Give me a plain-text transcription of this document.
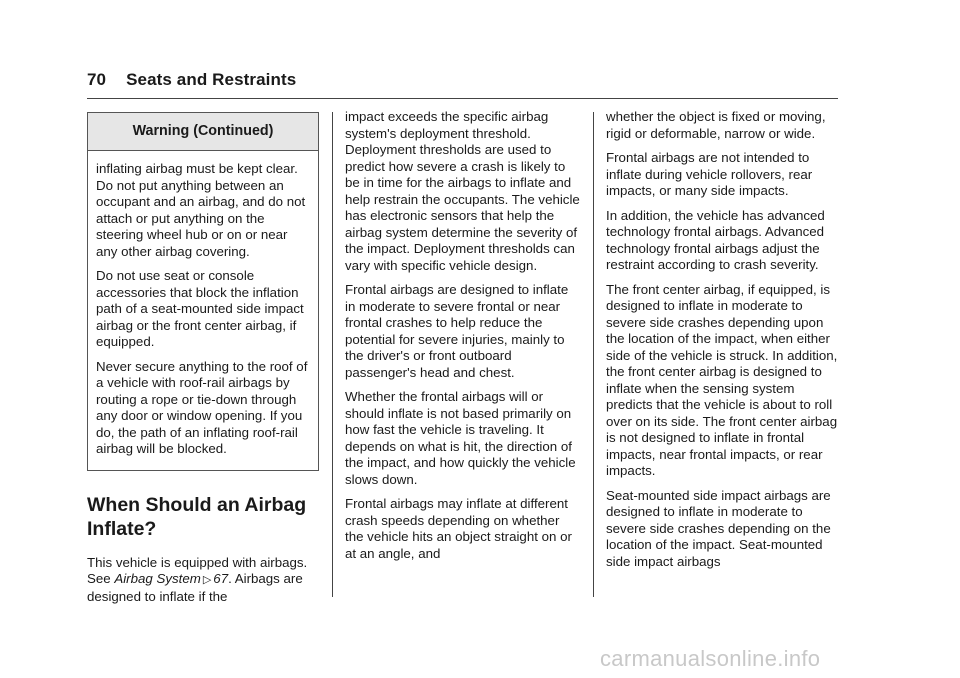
70 Seats and Restraints
Warning (Continued)

inflating airbag must be kept clear. Do not put anything between an occupant and an airbag, and do not attach or put anything on the steering wheel hub or on or near any other airbag covering.

Do not use seat or console accessories that block the inflation path of a seat-mounted side impact airbag or the front center airbag, if equipped.

Never secure anything to the roof of a vehicle with roof-rail airbags by routing a rope or tie-down through any door or window opening. If you do, the path of an inflating roof-rail airbag will be blocked.

When Should an Airbag Inflate?

This vehicle is equipped with airbags. See Airbag System ▷ 67. Airbags are designed to inflate if the

impact exceeds the specific airbag system's deployment threshold. Deployment thresholds are used to predict how severe a crash is likely to be in time for the airbags to inflate and help restrain the occupants. The vehicle has electronic sensors that help the airbag system determine the severity of the impact. Deployment thresholds can vary with specific vehicle design.

Frontal airbags are designed to inflate in moderate to severe frontal or near frontal crashes to help reduce the potential for severe injuries, mainly to the driver's or front outboard passenger's head and chest.

Whether the frontal airbags will or should inflate is not based primarily on how fast the vehicle is traveling. It depends on what is hit, the direction of the impact, and how quickly the vehicle slows down.

Frontal airbags may inflate at different crash speeds depending on whether the vehicle hits an object straight on or at an angle, and

whether the object is fixed or moving, rigid or deformable, narrow or wide.

Frontal airbags are not intended to inflate during vehicle rollovers, rear impacts, or many side impacts.

In addition, the vehicle has advanced technology frontal airbags. Advanced technology frontal airbags adjust the restraint according to crash severity.

The front center airbag, if equipped, is designed to inflate in moderate to severe side crashes depending upon the location of the impact, when either side of the vehicle is struck. In addition, the front center airbag is designed to inflate when the sensing system predicts that the vehicle is about to roll over on its side. The front center airbag is not designed to inflate in frontal impacts, near frontal impacts, or rear impacts.

Seat-mounted side impact airbags are designed to inflate in moderate to severe side crashes depending on the location of the impact. Seat-mounted side impact airbags

carmanualsonline.info
